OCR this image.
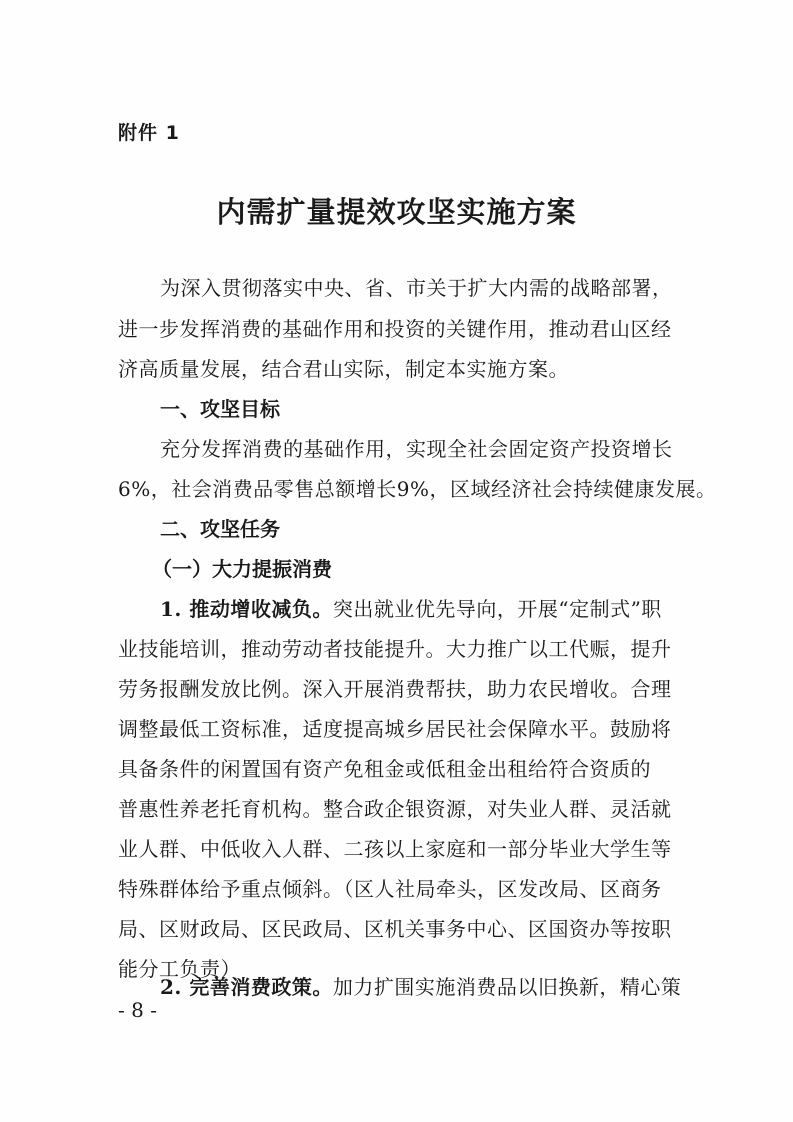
附件 1
内需扩量提效攻坚实施方案
为深入贯彻落实中央、省、市关于扩大内需的战略部署，
进一步发挥消费的基础作用和投资的关键作用，推动君山区经
济高质量发展，结合君山实际，制定本实施方案。
一、攻坚目标
充分发挥消费的基础作用，实现全社会固定资产投资增长
6%，社会消费品零售总额增长9%，区域经济社会持续健康发展。
二、攻坚任务
（一）大力提振消费
1. 推动增收减负。突出就业优先导向，开展“定制式”职
业技能培训，推动劳动者技能提升。大力推广以工代赈，提升
劳务报酬发放比例。深入开展消费帮扶，助力农民增收。合理
调整最低工资标准，适度提高城乡居民社会保障水平。鼓励将
具备条件的闲置国有资产免租金或低租金出租给符合资质的
普惠性养老托育机构。整合政企银资源，对失业人群、灵活就
业人群、中低收入人群、二孩以上家庭和一部分毕业大学生等
特殊群体给予重点倾斜。（区人社局牵头，区发改局、区商务
局、区财政局、区民政局、区机关事务中心、区国资办等按职
能分工负责）
2. 完善消费政策。加力扩围实施消费品以旧换新，精心策
- 8 -
